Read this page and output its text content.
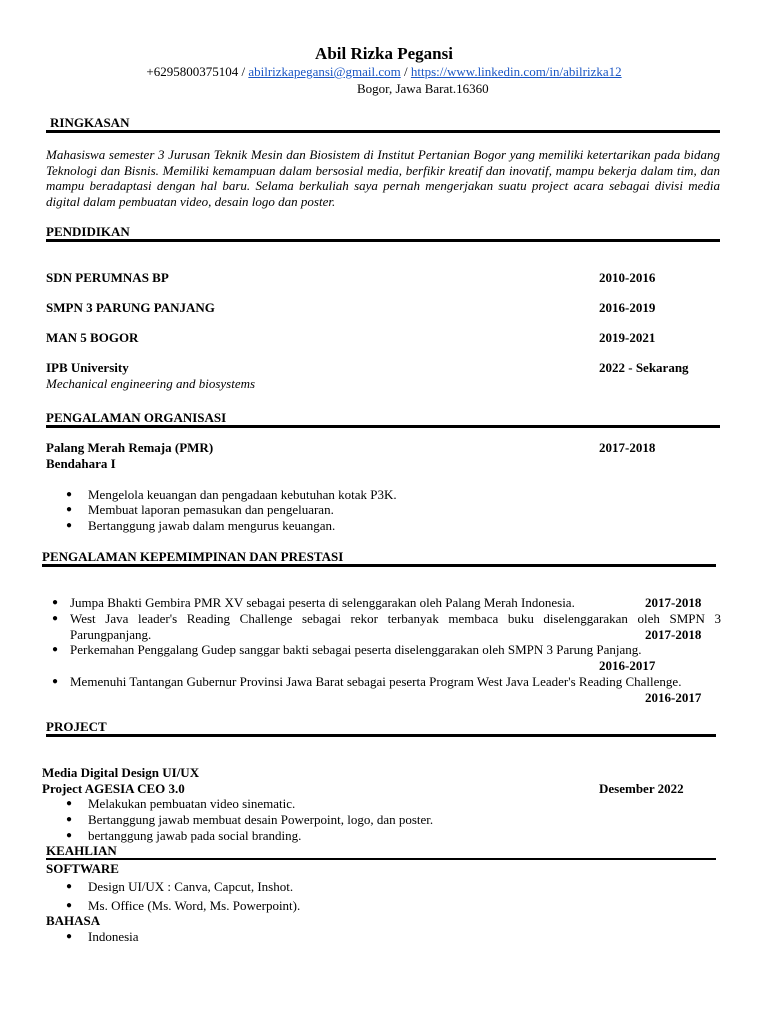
Abil Rizka Pegansi
+6295800375104 / abilrizkapegansi@gmail.com / https://www.linkedin.com/in/abilrizka12
Bogor, Jawa Barat.16360
RINGKASAN
Mahasiswa semester 3 Jurusan Teknik Mesin dan Biosistem di Institut Pertanian Bogor yang memiliki ketertarikan pada bidang Teknologi dan Bisnis. Memiliki kemampuan dalam bersosial media, berfikir kreatif dan inovatif, mampu bekerja dalam tim, dan mampu beradaptasi dengan hal baru. Selama berkuliah saya pernah mengerjakan suatu project acara sebagai divisi media digital dalam pembuatan video, desain logo dan poster.
PENDIDIKAN
SDN PERUMNAS BP	2010-2016
SMPN 3 PARUNG PANJANG	2016-2019
MAN 5 BOGOR	2019-2021
IPB University	2022 - Sekarang
Mechanical engineering and biosystems
PENGALAMAN ORGANISASI
Palang Merah Remaja (PMR)	2017-2018
Bendahara I
● Mengelola keuangan dan pengadaan kebutuhan kotak P3K.
● Membuat laporan pemasukan dan pengeluaran.
● Bertanggung jawab dalam mengurus keuangan.
PENGALAMAN KEPEMIMPINAN DAN PRESTASI
● Jumpa Bhakti Gembira PMR XV sebagai peserta di selenggarakan oleh Palang Merah Indonesia.	2017-2018
● West Java leader's Reading Challenge sebagai rekor terbanyak membaca buku diselenggarakan oleh SMPN 3 Parungpanjang.	2017-2018
● Perkemahan Penggalang Gudep sanggar bakti sebagai peserta diselenggarakan oleh SMPN 3 Parung Panjang.
2016-2017
● Memenuhi Tantangan Gubernur Provinsi Jawa Barat sebagai peserta Program West Java Leader's Reading Challenge.
2016-2017
PROJECT
Media Digital Design UI/UX
Project AGESIA CEO 3.0	Desember 2022
● Melakukan pembuatan video sinematic.
● Bertanggung jawab membuat desain Powerpoint, logo, dan poster.
● bertanggung jawab pada social branding.
KEAHLIAN
SOFTWARE
● Design UI/UX : Canva, Capcut, Inshot.
● Ms. Office (Ms. Word, Ms. Powerpoint).
BAHASA
● Indonesia
